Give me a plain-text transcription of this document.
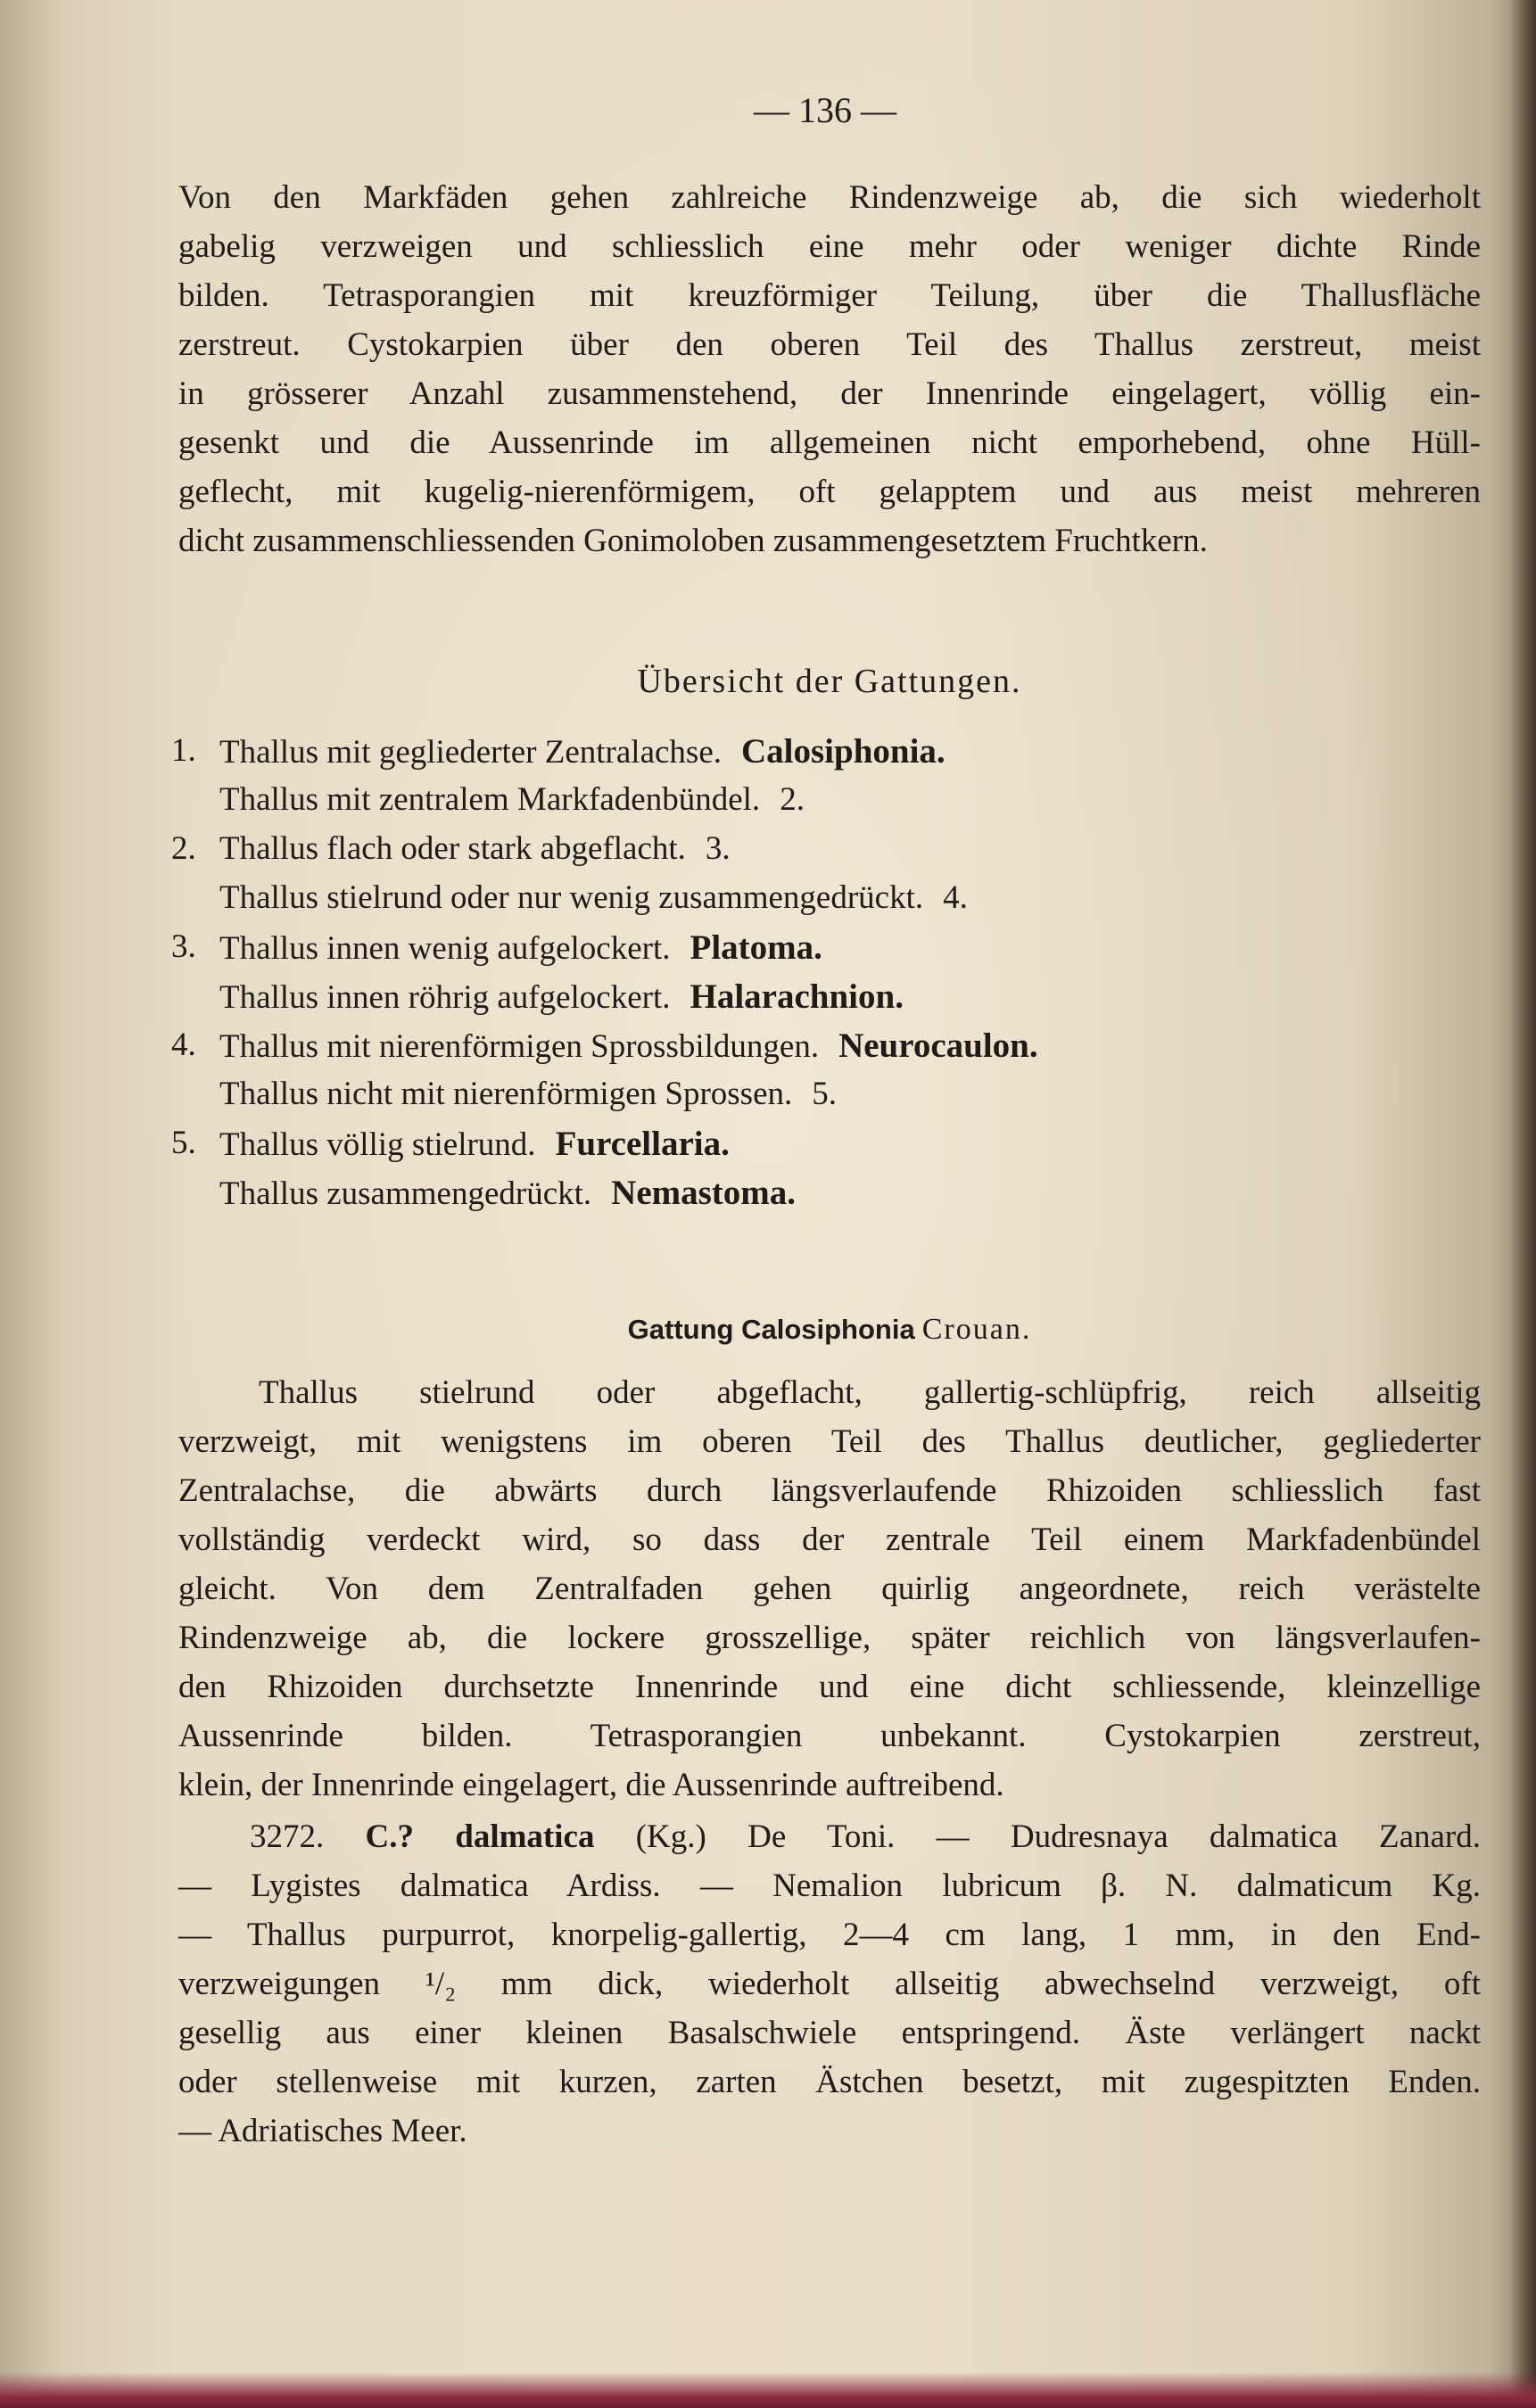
— 136 —
Von den Markfäden gehen zahlreiche Rindenzweige ab, die sich wiederholt
gabelig verzweigen und schliesslich eine mehr oder weniger dichte Rinde
bilden. Tetrasporangien mit kreuzförmiger Teilung, über die Thallusfläche
zerstreut. Cystokarpien über den oberen Teil des Thallus zerstreut, meist
in grösserer Anzahl zusammenstehend, der Innenrinde eingelagert, völlig ein-
gesenkt und die Aussenrinde im allgemeinen nicht emporhebend, ohne Hüll-
geflecht, mit kugelig-nierenförmigem, oft gelapptem und aus meist mehreren
dicht zusammenschliessenden Gonimoloben zusammengesetztem Fruchtkern.
Übersicht der Gattungen.
1. Thallus mit gegliederter Zentralachse. Calosiphonia.
Thallus mit zentralem Markfadenbündel. 2.
2. Thallus flach oder stark abgeflacht. 3.
Thallus stielrund oder nur wenig zusammengedrückt. 4.
3. Thallus innen wenig aufgelockert. Platoma.
Thallus innen röhrig aufgelockert. Halarachnion.
4. Thallus mit nierenförmigen Sprossbildungen. Neurocaulon.
Thallus nicht mit nierenförmigen Sprossen. 5.
5. Thallus völlig stielrund. Furcellaria.
Thallus zusammengedrückt. Nemastoma.
Gattung Calosiphonia Crouan.
Thallus stielrund oder abgeflacht, gallertig-schlüpfrig, reich allseitig
verzweigt, mit wenigstens im oberen Teil des Thallus deutlicher, gegliederter
Zentralachse, die abwärts durch längsverlaufende Rhizoiden schliesslich fast
vollständig verdeckt wird, so dass der zentrale Teil einem Markfadenbündel
gleicht. Von dem Zentralfaden gehen quirlig angeordnete, reich verästelte
Rindenzweige ab, die lockere grosszellige, später reichlich von längsverlaufen-
den Rhizoiden durchsetzte Innenrinde und eine dicht schliessende, kleinzellige
Aussenrinde bilden. Tetrasporangien unbekannt. Cystokarpien zerstreut,
klein, der Innenrinde eingelagert, die Aussenrinde auftreibend.
3272. C.? dalmatica (Kg.) De Toni. — Dudresnaya dalmatica Zanard.
— Lygistes dalmatica Ardiss. — Nemalion lubricum β. N. dalmaticum Kg.
— Thallus purpurrot, knorpelig-gallertig, 2—4 cm lang, 1 mm, in den End-
verzweigungen ¹/₂ mm dick, wiederholt allseitig abwechselnd verzweigt, oft
gesellig aus einer kleinen Basalschwiele entspringend. Äste verlängert nackt
oder stellenweise mit kurzen, zarten Ästchen besetzt, mit zugespitzten Enden.
— Adriatisches Meer.
